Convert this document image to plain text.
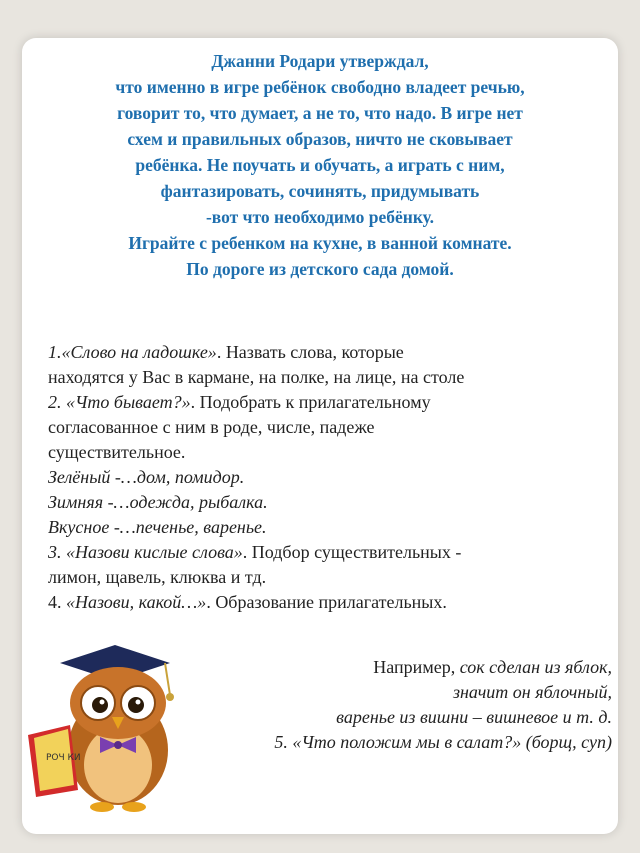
Джанни Родари утверждал,
что именно в игре ребёнок свободно владеет речью,
говорит то, что думает, а не то, что надо. В игре нет
схем и правильных образов, ничто не сковывает
ребёнка. Не поучать и обучать, а играть с ним,
фантазировать, сочинять, придумывать
‑вот что необходимо ребёнку.
Играйте с ребенком на кухне, в ванной комнате.
По дороге из детского сада домой.
1.«Слово на ладошке». Назвать слова, которые
находятся у Вас в кармане, на полке, на лице, на столе
2. «Что бывает?». Подобрать к прилагательному
согласованное с ним в роде, числе, падеже
существительное.
Зелёный -…дом, помидор.
Зимняя -…одежда, рыбалка.
Вкусное -…печенье, варенье.
3. «Назови кислые слова». Подбор существительных -
лимон, щавель, клюква и тд.
4. «Назови, какой…». Образование прилагательных.
Например, сок сделан из яблок,
значит он яблочный,
варенье из вишни – вишневое и т. д.
5. «Что положим мы в салат?» (борщ, суп)
РОЧ КИ
